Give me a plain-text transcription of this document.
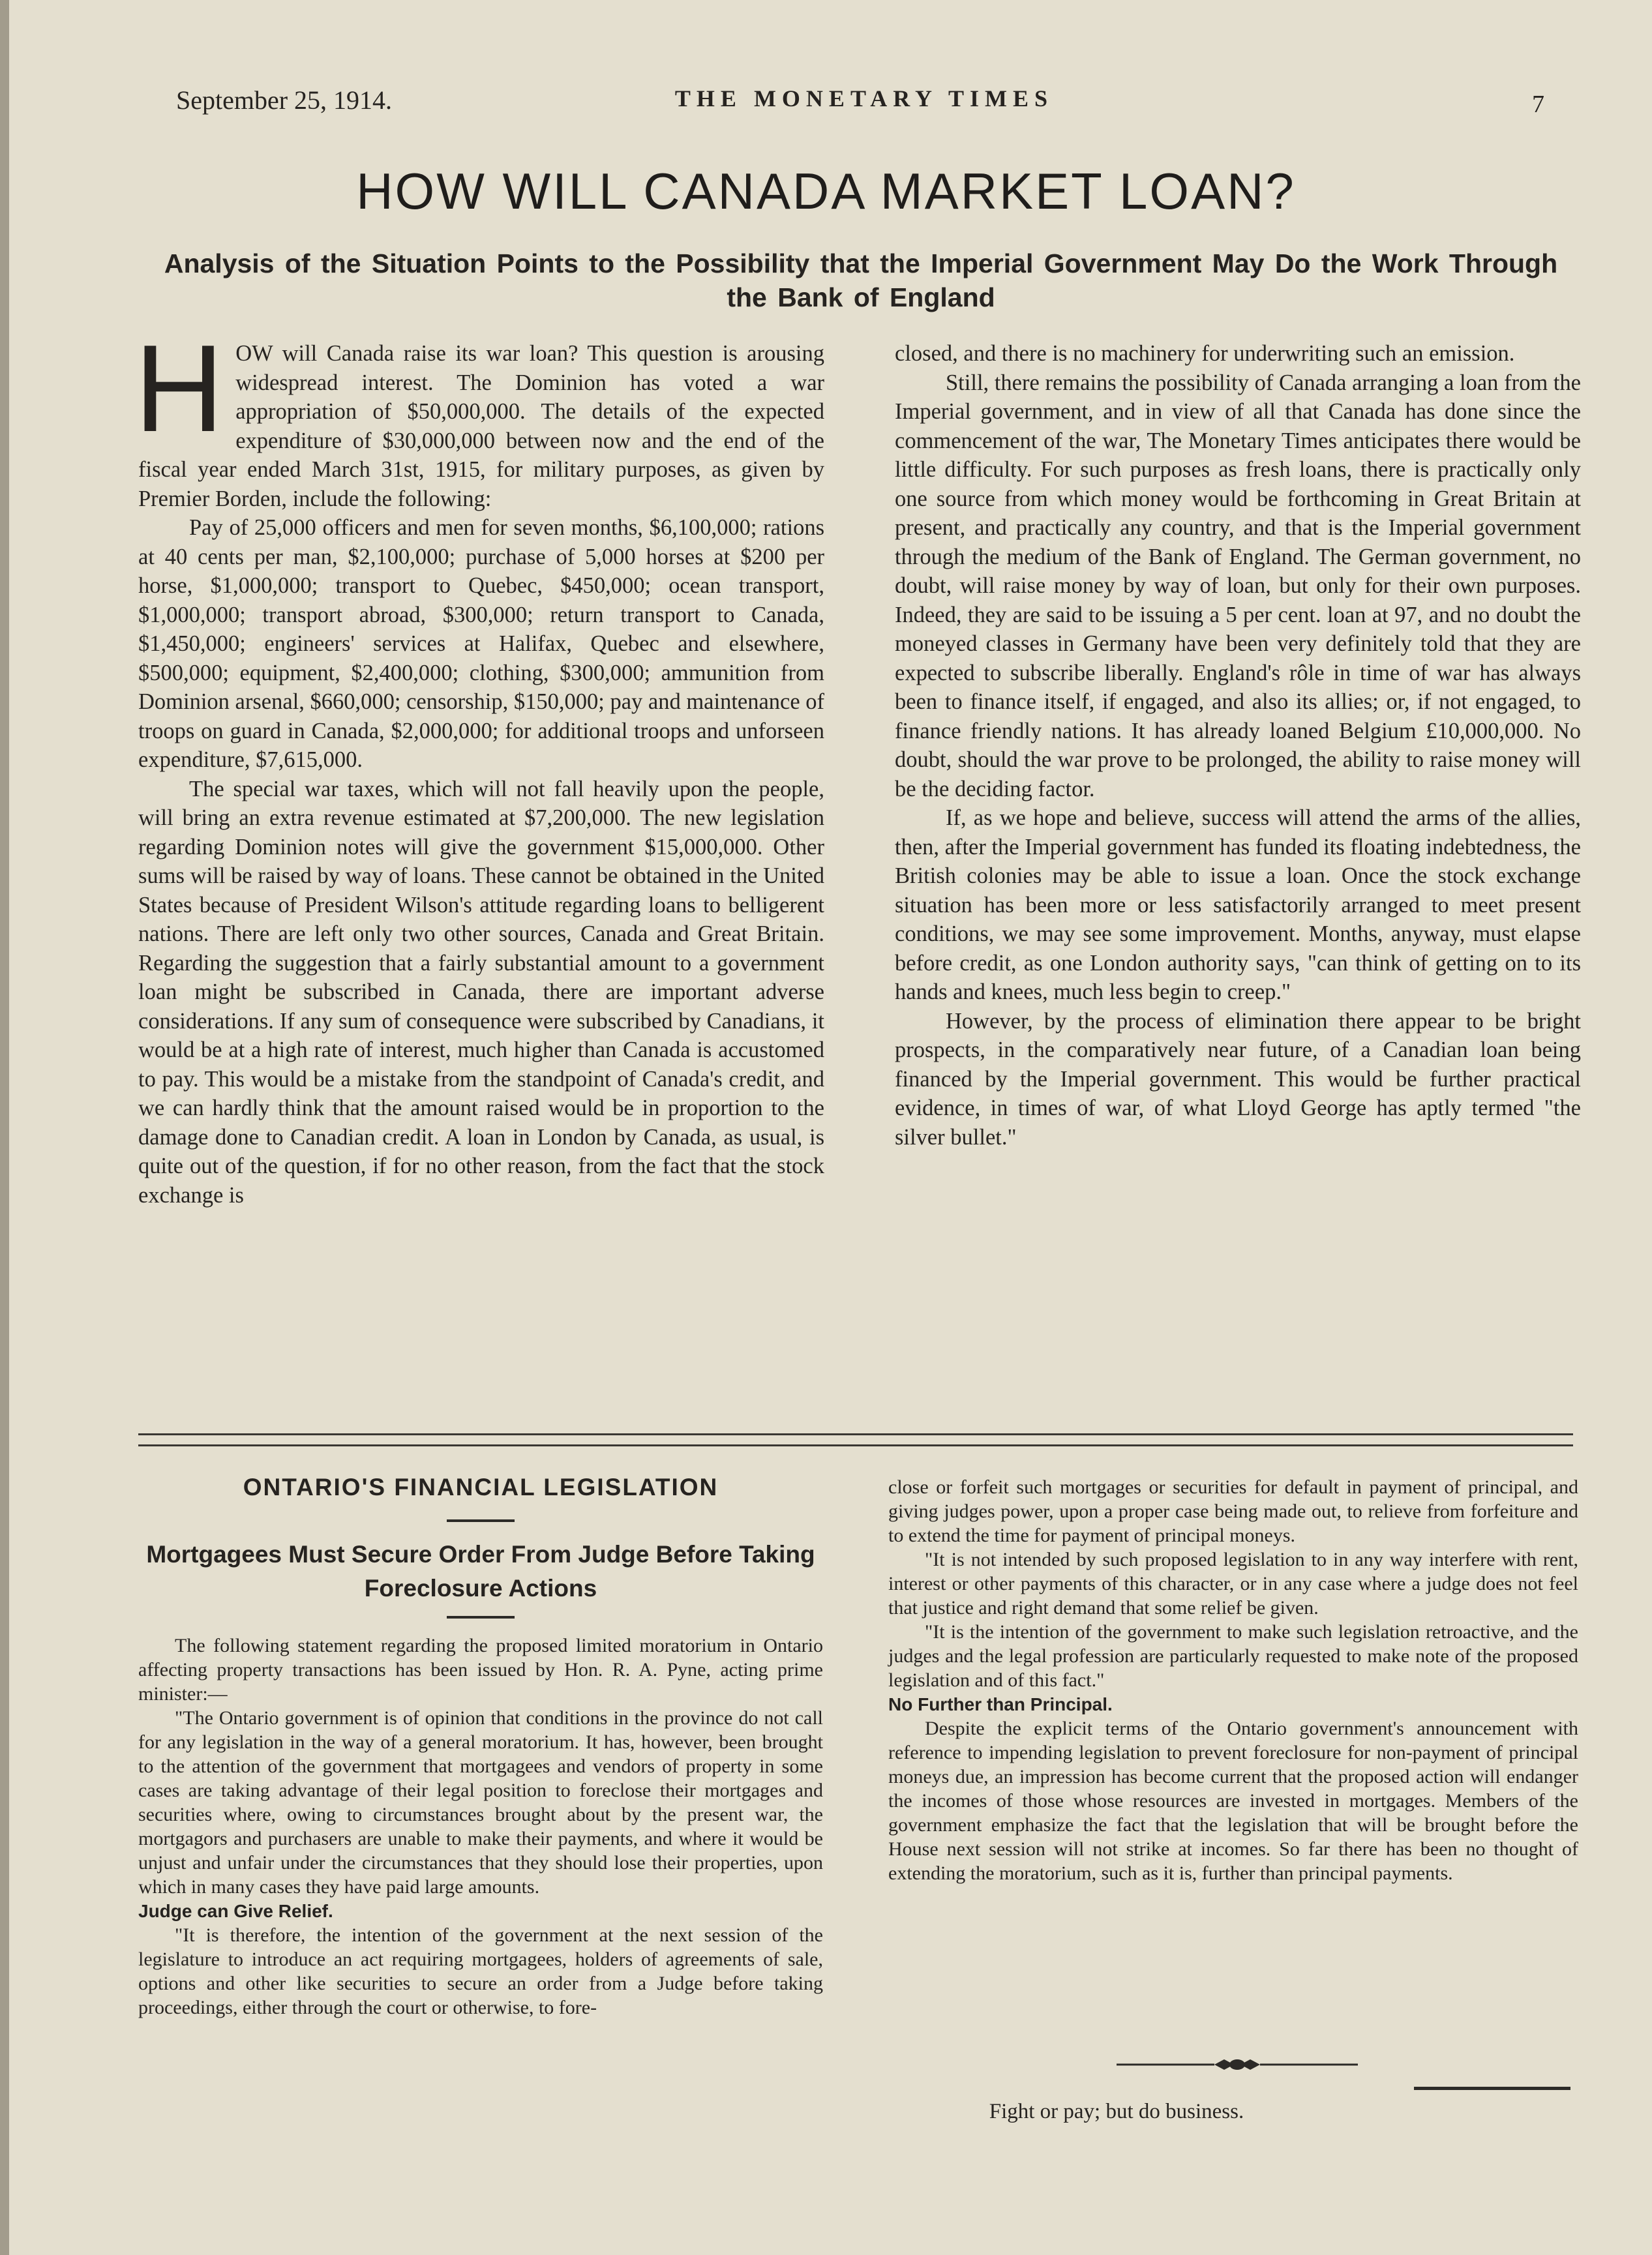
September 25, 1914.	THE MONETARY TIMES	7
HOW WILL CANADA MARKET LOAN?
Analysis of the Situation Points to the Possibility that the Imperial Government May Do the Work Through the Bank of England

HOW will Canada raise its war loan? This question is arousing widespread interest. The Dominion has voted a war appropriation of $50,000,000. The details of the expected expenditure of $30,000,000 between now and the end of the fiscal year ended March 31st, 1915, for military purposes, as given by Premier Borden, include the following:

Pay of 25,000 officers and men for seven months, $6,100,000; rations at 40 cents per man, $2,100,000; purchase of 5,000 horses at $200 per horse, $1,000,000; transport to Quebec, $450,000; ocean transport, $1,000,000; transport abroad, $300,000; return transport to Canada, $1,450,000; engineers' services at Halifax, Quebec and elsewhere, $500,000; equipment, $2,400,000; clothing, $300,000; ammunition from Dominion arsenal, $660,000; censorship, $150,000; pay and maintenance of troops on guard in Canada, $2,000,000; for additional troops and unforseen expenditure, $7,615,000.

The special war taxes, which will not fall heavily upon the people, will bring an extra revenue estimated at $7,200,000. The new legislation regarding Dominion notes will give the government $15,000,000. Other sums will be raised by way of loans. These cannot be obtained in the United States because of President Wilson's attitude regarding loans to belligerent nations. There are left only two other sources, Canada and Great Britain. Regarding the suggestion that a fairly substantial amount to a government loan might be subscribed in Canada, there are important adverse considerations. If any sum of consequence were subscribed by Canadians, it would be at a high rate of interest, much higher than Canada is accustomed to pay. This would be a mistake from the standpoint of Canada's credit, and we can hardly think that the amount raised would be in proportion to the damage done to Canadian credit. A loan in London by Canada, as usual, is quite out of the question, if for no other reason, from the fact that the stock exchange is

closed, and there is no machinery for underwriting such an emission.

Still, there remains the possibility of Canada arranging a loan from the Imperial government, and in view of all that Canada has done since the commencement of the war, The Monetary Times anticipates there would be little difficulty. For such purposes as fresh loans, there is practically only one source from which money would be forthcoming in Great Britain at present, and practically any country, and that is the Imperial government through the medium of the Bank of England. The German government, no doubt, will raise money by way of loan, but only for their own purposes. Indeed, they are said to be issuing a 5 per cent. loan at 97, and no doubt the moneyed classes in Germany have been very definitely told that they are expected to subscribe liberally. England's rôle in time of war has always been to finance itself, if engaged, and also its allies; or, if not engaged, to finance friendly nations. It has already loaned Belgium £10,000,000. No doubt, should the war prove to be prolonged, the ability to raise money will be the deciding factor.

If, as we hope and believe, success will attend the arms of the allies, then, after the Imperial government has funded its floating indebtedness, the British colonies may be able to issue a loan. Once the stock exchange situation has been more or less satisfactorily arranged to meet present conditions, we may see some improvement. Months, anyway, must elapse before credit, as one London authority says, "can think of getting on to its hands and knees, much less begin to creep."

However, by the process of elimination there appear to be bright prospects, in the comparatively near future, of a Canadian loan being financed by the Imperial government. This would be further practical evidence, in times of war, of what Lloyd George has aptly termed "the silver bullet."

ONTARIO'S FINANCIAL LEGISLATION
Mortgagees Must Secure Order From Judge Before Taking Foreclosure Actions

The following statement regarding the proposed limited moratorium in Ontario affecting property transactions has been issued by Hon. R. A. Pyne, acting prime minister:—

"The Ontario government is of opinion that conditions in the province do not call for any legislation in the way of a general moratorium. It has, however, been brought to the attention of the government that mortgagees and vendors of property in some cases are taking advantage of their legal position to foreclose their mortgages and securities where, owing to circumstances brought about by the present war, the mortgagors and purchasers are unable to make their payments, and where it would be unjust and unfair under the circumstances that they should lose their properties, upon which in many cases they have paid large amounts.

Judge can Give Relief.

"It is therefore, the intention of the government at the next session of the legislature to introduce an act requiring mortgagees, holders of agreements of sale, options and other like securities to secure an order from a Judge before taking proceedings, either through the court or otherwise, to fore-

close or forfeit such mortgages or securities for default in payment of principal, and giving judges power, upon a proper case being made out, to relieve from forfeiture and to extend the time for payment of principal moneys.

"It is not intended by such proposed legislation to in any way interfere with rent, interest or other payments of this character, or in any case where a judge does not feel that justice and right demand that some relief be given.

"It is the intention of the government to make such legislation retroactive, and the judges and the legal profession are particularly requested to make note of the proposed legislation and of this fact."

No Further than Principal.

Despite the explicit terms of the Ontario government's announcement with reference to impending legislation to prevent foreclosure for non-payment of principal moneys due, an impression has become current that the proposed action will endanger the incomes of those whose resources are invested in mortgages. Members of the government emphasize the fact that the legislation that will be brought before the House next session will not strike at incomes. So far there has been no thought of extending the moratorium, such as it is, further than principal payments.

Fight or pay; but do business.
